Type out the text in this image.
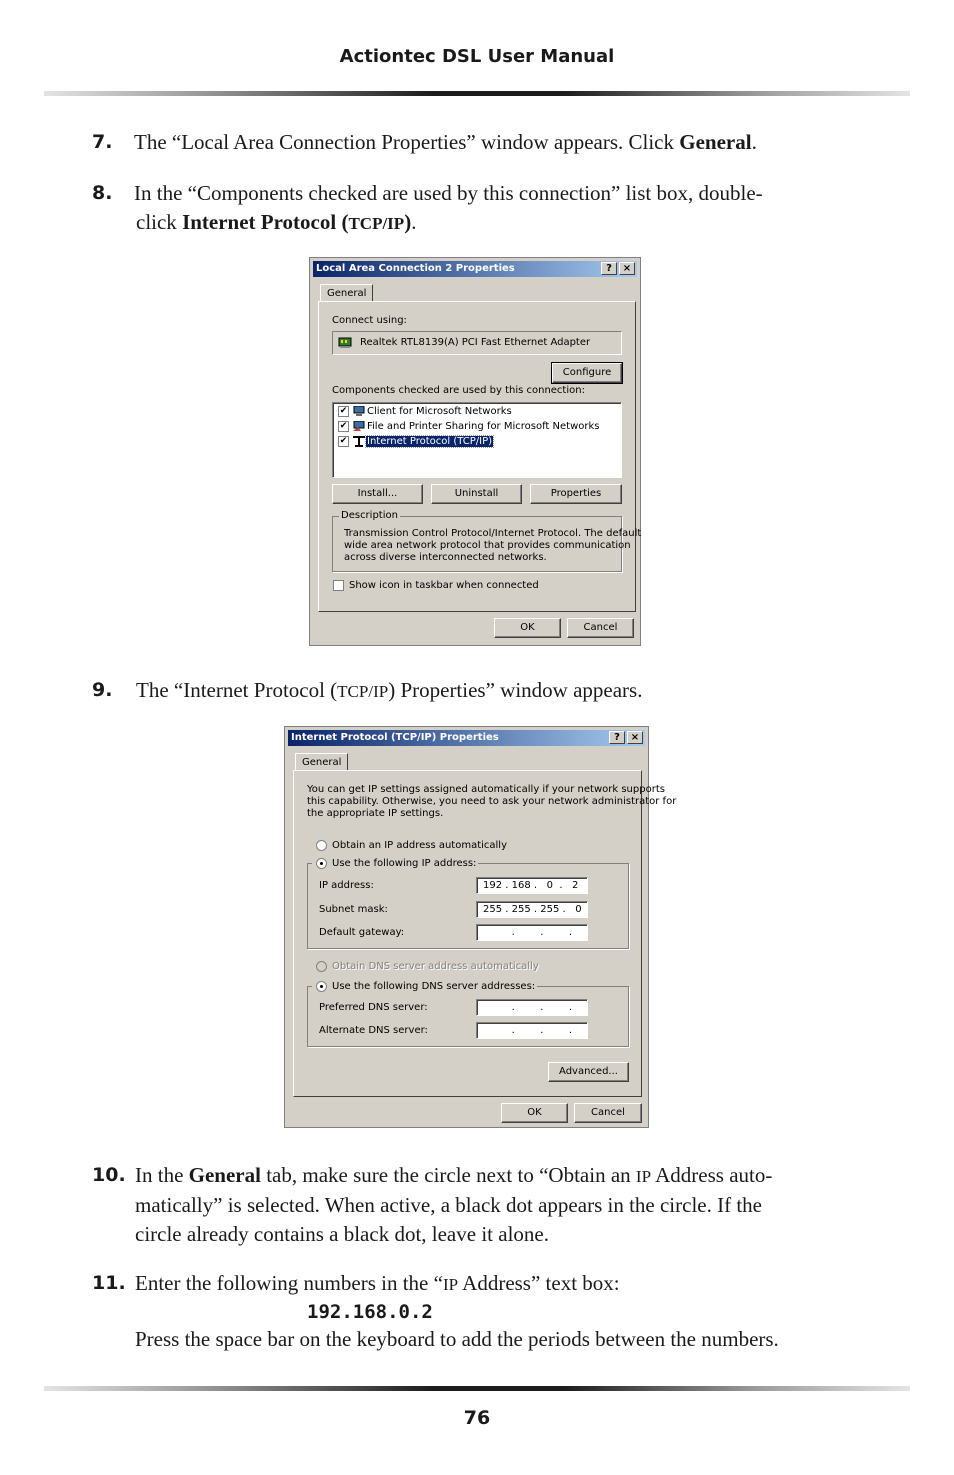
Actiontec DSL User Manual
7. The “Local Area Connection Properties” window appears. Click General.
8. In the “Components checked are used by this connection” list box, double-
click Internet Protocol (TCP/IP).
Local Area Connection 2 Properties	?	×
General
Connect using:
Realtek RTL8139(A) PCI Fast Ethernet Adapter
Configure
Components checked are used by this connection:
✔ Client for Microsoft Networks
✔ File and Printer Sharing for Microsoft Networks
✔ Internet Protocol (TCP/IP)
Install...	Uninstall	Properties
Description
Transmission Control Protocol/Internet Protocol. The default
wide area network protocol that provides communication
across diverse interconnected networks.
Show icon in taskbar when connected
OK	Cancel
9. The “Internet Protocol (TCP/IP) Properties” window appears.
Internet Protocol (TCP/IP) Properties	?	×
General
You can get IP settings assigned automatically if your network supports
this capability. Otherwise, you need to ask your network administrator for
the appropriate IP settings.
Obtain an IP address automatically
Use the following IP address:
IP address:	192 . 168 .   0  .   2
Subnet mask:	255 . 255 . 255 .   0
Default gateway:	.        .        .
Obtain DNS server address automatically
Use the following DNS server addresses:
Preferred DNS server:	.        .        .
Alternate DNS server:	.        .        .
Advanced...
OK	Cancel
10. In the General tab, make sure the circle next to “Obtain an IP Address auto-
matically” is selected. When active, a black dot appears in the circle. If the
circle already contains a black dot, leave it alone.
11. Enter the following numbers in the “IP Address” text box:
192.168.0.2
Press the space bar on the keyboard to add the periods between the numbers.
76
